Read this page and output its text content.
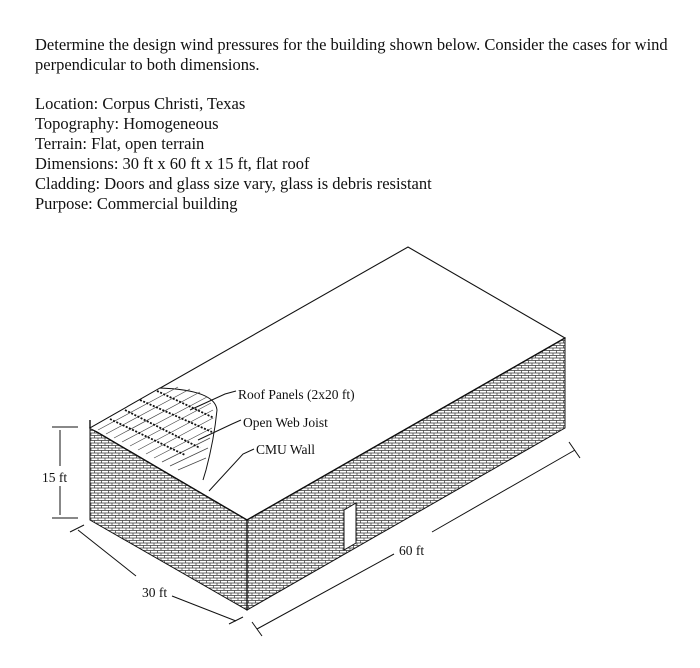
Determine the design wind pressures for the building shown below. Consider the cases for wind perpendicular to both dimensions.

Location: Corpus Christi, Texas
Topography: Homogeneous
Terrain: Flat, open terrain
Dimensions: 30 ft x 60 ft x 15 ft, flat roof
Cladding: Doors and glass size vary, glass is debris resistant
Purpose: Commercial building
Roof Panels (2x20 ft)
Open Web Joist
CMU Wall
15 ft
30 ft
60 ft
